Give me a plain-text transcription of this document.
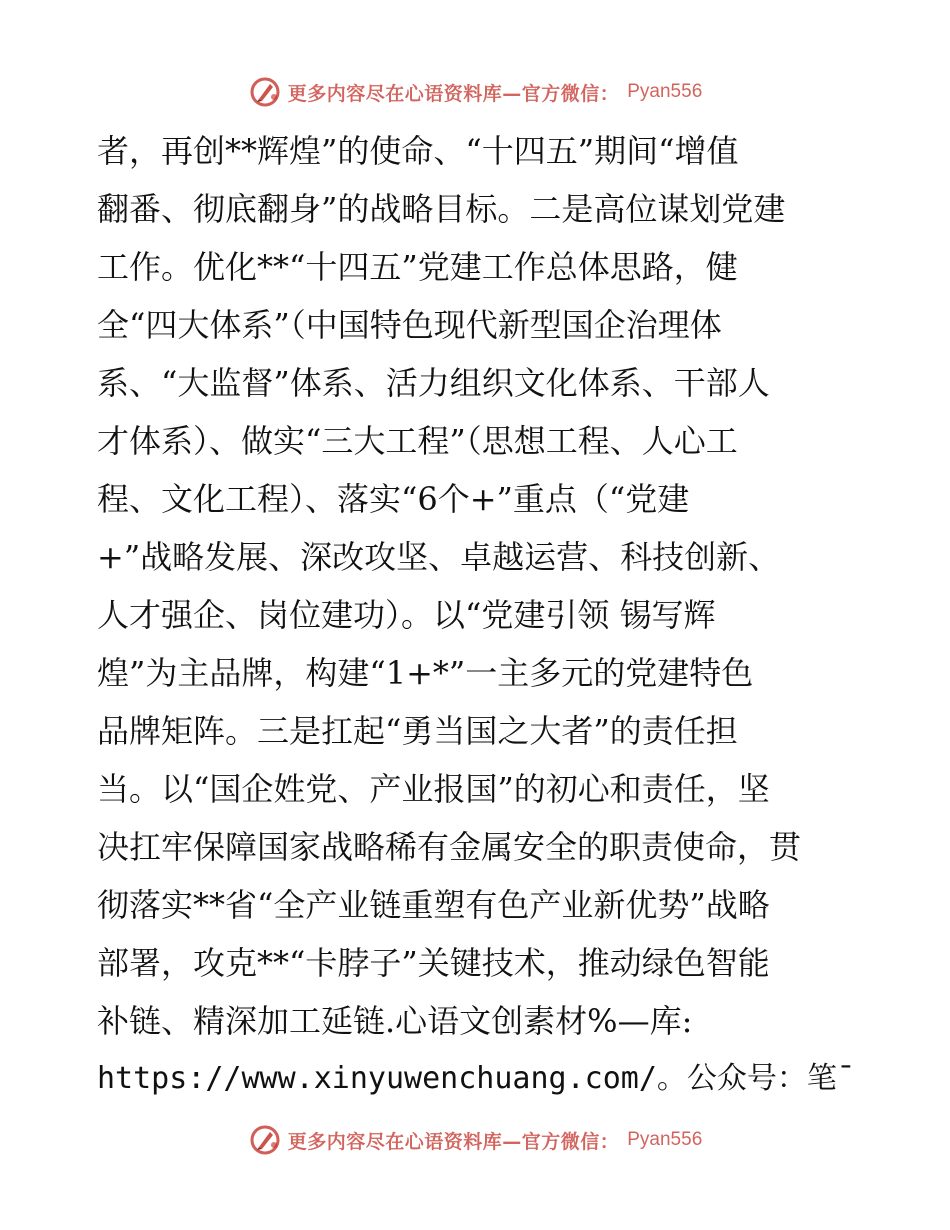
更多内容尽在心语资料库—官方微信： Pyan556
者，再创**辉煌”的使命、“十四五”期间“增值
翻番、彻底翻身”的战略目标。二是高位谋划党建
工作。优化**“十四五”党建工作总体思路，健
全“四大体系”（中国特色现代新型国企治理体
系、“大监督”体系、活力组织文化体系、干部人
才体系）、做实“三大工程”（思想工程、人心工
程、文化工程）、落实“6个+”重点（“党建
+”战略发展、深改攻坚、卓越运营、科技创新、
人才强企、岗位建功）。以“党建引领 锡写辉
煌”为主品牌，构建“1+*”一主多元的党建特色
品牌矩阵。三是扛起“勇当国之大者”的责任担
当。以“国企姓党、产业报国”的初心和责任，坚
决扛牢保障国家战略稀有金属安全的职责使命，贯
彻落实**省“全产业链重塑有色产业新优势”战略
部署，攻克**“卡脖子”关键技术，推动绿色智能
补链、精深加工延链.心语文创素材%—库:
https://www.xinyuwenchuang.com/。公众号：笔¯
更多内容尽在心语资料库—官方微信： Pyan556
